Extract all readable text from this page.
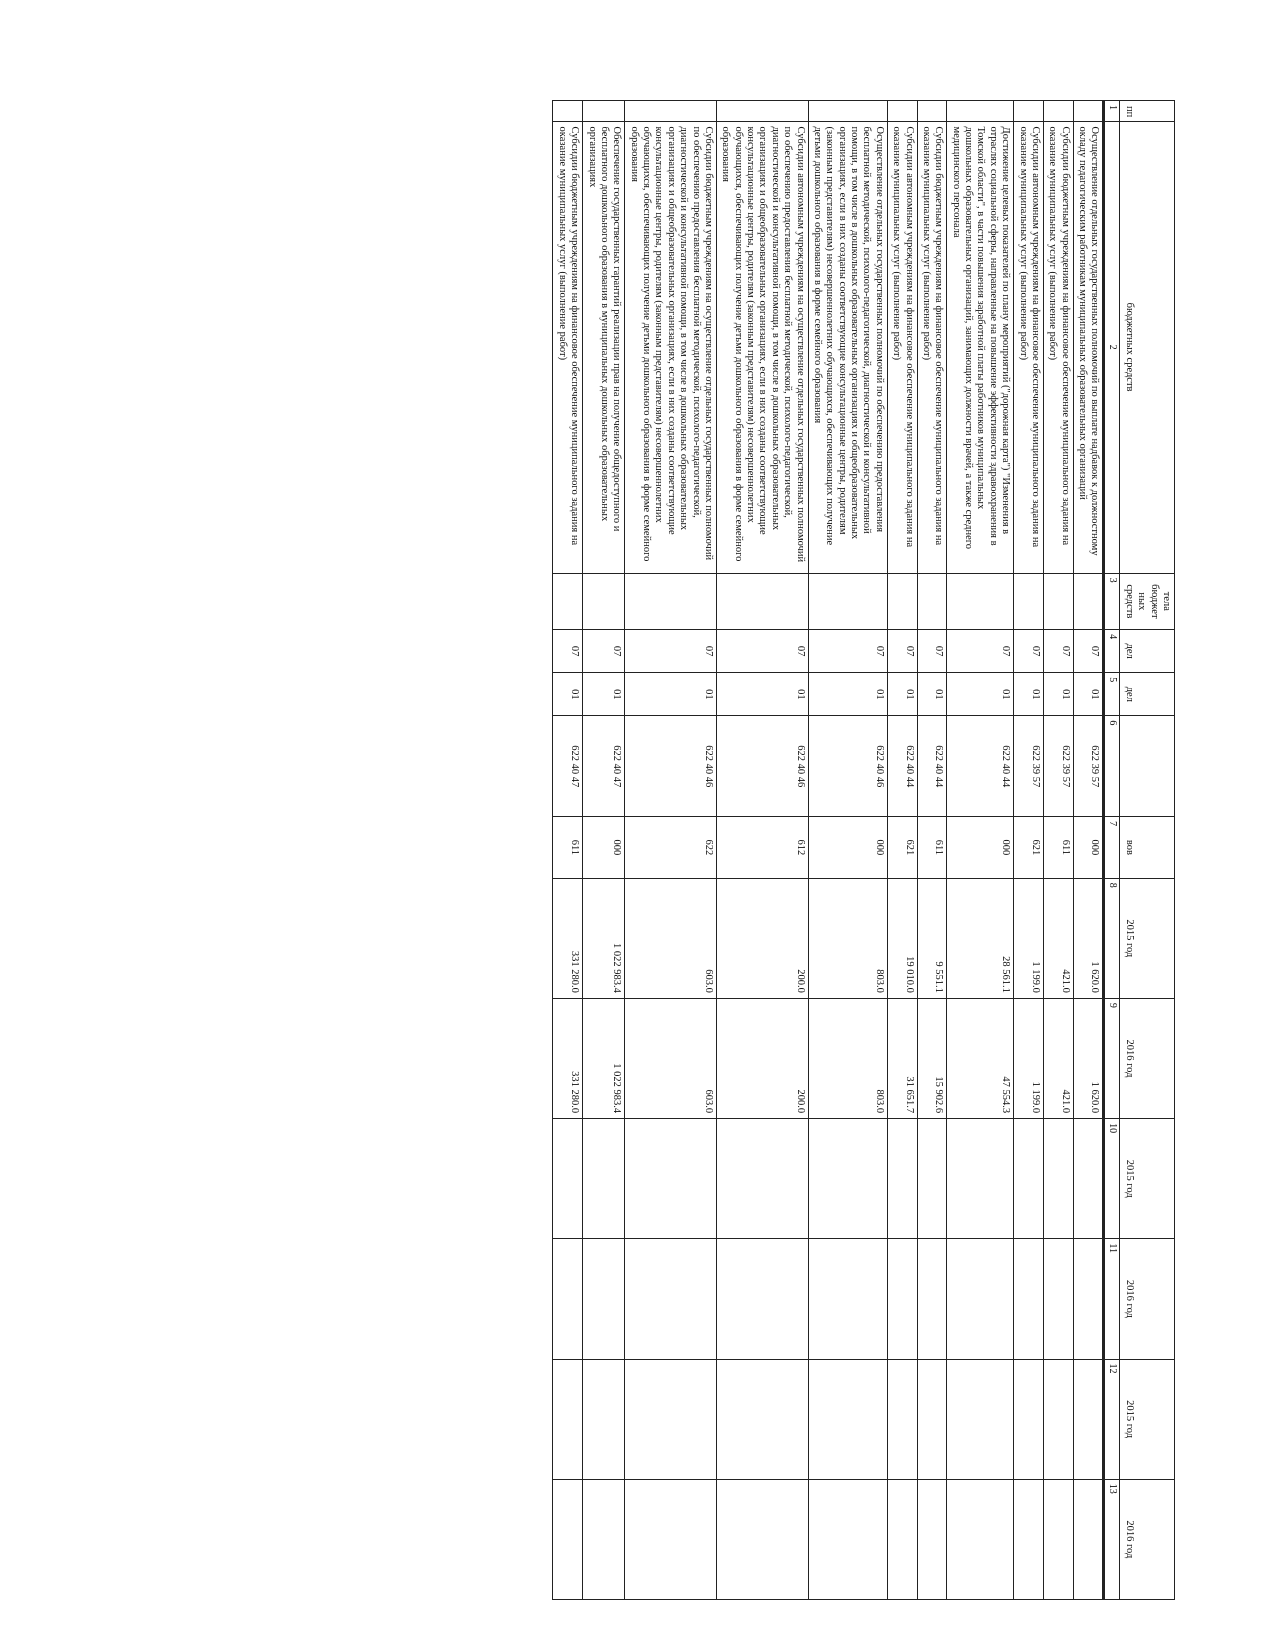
пп	бюджетных средств	тела бюджет ных средств	дел	дел		вов	2015 год	2016 год	2015 год	2016 год	2015 год	2016 год
1	2	3	4	5	6	7	8	9	10	11	12	13
	Осуществление отдельных государственных полномочий по выплате надбавок к должностному окладу педагогическим работникам муниципальных образовательных организаций		07	01	622 39 57	000	1 620.0	1 620.0				
	Субсидии бюджетным учреждениям на финансовое обеспечение муниципального задания на оказание муниципальных услуг (выполнение работ)		07	01	622 39 57	611	421.0	421.0				
	Субсидии автономным учреждениям на финансовое обеспечение муниципального задания на оказание муниципальных услуг (выполнение работ)		07	01	622 39 57	621	1 199.0	1 199.0				
	Достижение целевых показателей по плану мероприятий ("дорожная карта") "Изменения в отраслях социальной сферы, направленные на повышение эффективности здравоохранения в Томской области", в части повышения заработной платы работников муниципальных дошкольных образовательных организаций, занимающих должности врачей, а также среднего медицинского персонала		07	01	622 40 44	000	28 561.1	47 554.3				
	Субсидии бюджетным учреждениям на финансовое обеспечение муниципального задания на оказание муниципальных услуг (выполнение работ)		07	01	622 40 44	611	9 551.1	15 902.6				
	Субсидии автономным учреждениям на финансовое обеспечение муниципального задания на оказание муниципальных услуг (выполнение работ)		07	01	622 40 44	621	19 010.0	31 651.7				
	Осуществление отдельных государственных полномочий по обеспечению предоставления бесплатной методической, психолого-педагогической, диагностической и консультативной помощи, в том числе в дошкольных образовательных организациях и общеобразовательных организациях, если в них созданы соответствующие консультационные центры, родителям (законным представителям) несовершеннолетних обучающихся, обеспечивающих получение детьми дошкольного образования в форме семейного образования		07	01	622 40 46	000	803.0	803.0				
	Субсидии автономным учреждениям на осуществление отдельных государственных полномочий по обеспечению предоставления бесплатной методической, психолого-педагогической, диагностической и консультативной помощи, в том числе в дошкольных образовательных организациях и общеобразовательных организациях, если в них созданы соответствующие консультационные центры, родителям (законным представителям) несовершеннолетних обучающихся, обеспечивающих получение детьми дошкольного образования в форме семейного образования		07	01	622 40 46	612	200.0	200.0				
	Субсидии бюджетным учреждениям на осуществление отдельных государственных полномочий по обеспечению предоставления бесплатной методической, психолого-педагогической, диагностической и консультативной помощи, в том числе в дошкольных образовательных организациях и общеобразовательных организациях, если в них созданы соответствующие консультационные центры, родителям (законным представителям) несовершеннолетних обучающихся, обеспечивающих получение детьми дошкольного образования в форме семейного образования		07	01	622 40 46	622	603.0	603.0				
	Обеспечение государственных гарантий реализации прав на получение общедоступного и бесплатного дошкольного образования в муниципальных дошкольных образовательных организациях		07	01	622 40 47	000	1 022 983.4	1 022 983.4				
	Субсидии бюджетным учреждениям на финансовое обеспечение муниципального задания на оказание муниципальных услуг (выполнение работ)		07	01	622 40 47	611	331 280.0	331 280.0				
